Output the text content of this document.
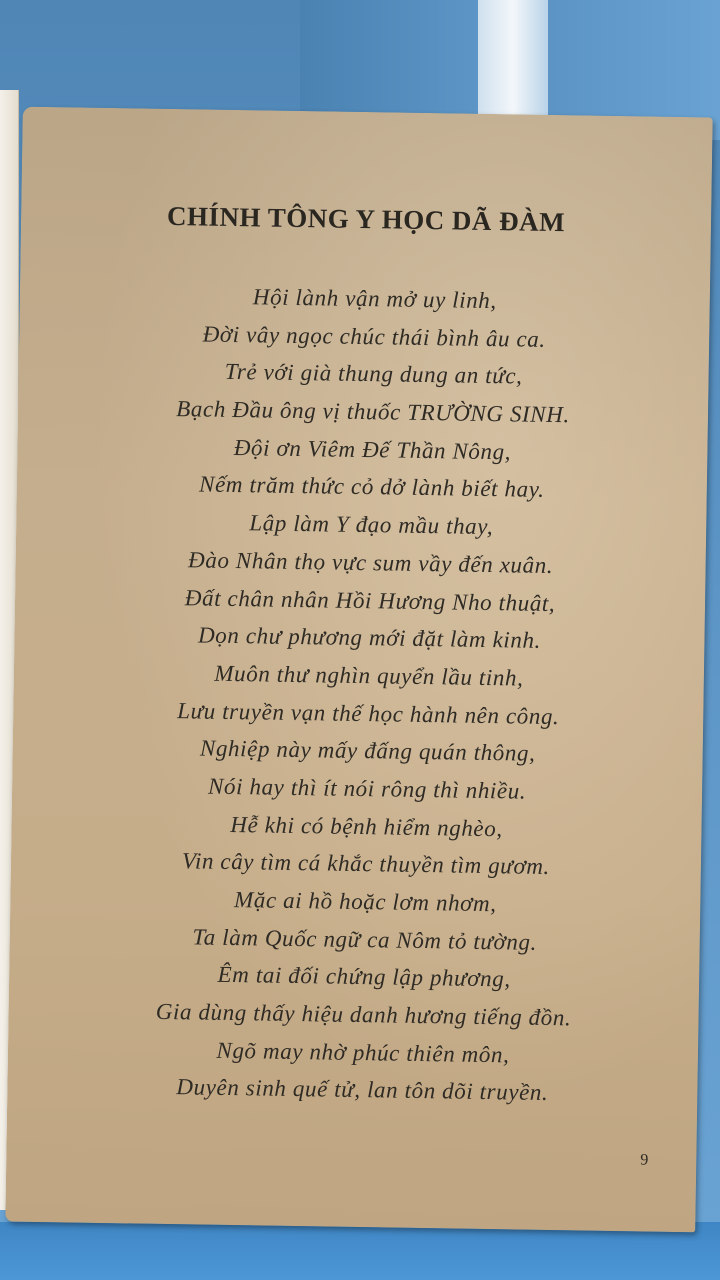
CHÍNH TÔNG Y HỌC DÃ ĐÀM
Hội lành vận mở uy linh,
Đời vây ngọc chúc thái bình âu ca.
Trẻ với già thung dung an tức,
Bạch Đầu ông vị thuốc TRƯỜNG SINH.
Đội ơn Viêm Đế Thần Nông,
Nếm trăm thức cỏ dở lành biết hay.
Lập làm Y đạo mầu thay,
Đào Nhân thọ vực sum vầy đến xuân.
Đất chân nhân Hồi Hương Nho thuật,
Dọn chư phương mới đặt làm kinh.
Muôn thư nghìn quyển lầu tinh,
Lưu truyền vạn thế học hành nên công.
Nghiệp này mấy đấng quán thông,
Nói hay thì ít nói rông thì nhiều.
Hễ khi có bệnh hiểm nghèo,
Vin cây tìm cá khắc thuyền tìm gươm.
Mặc ai hồ hoặc lơm nhơm,
Ta làm Quốc ngữ ca Nôm tỏ tường.
Êm tai đối chứng lập phương,
Gia dùng thấy hiệu danh hương tiếng đồn.
Ngõ may nhờ phúc thiên môn,
Duyên sinh quế tử, lan tôn dõi truyền.
9
